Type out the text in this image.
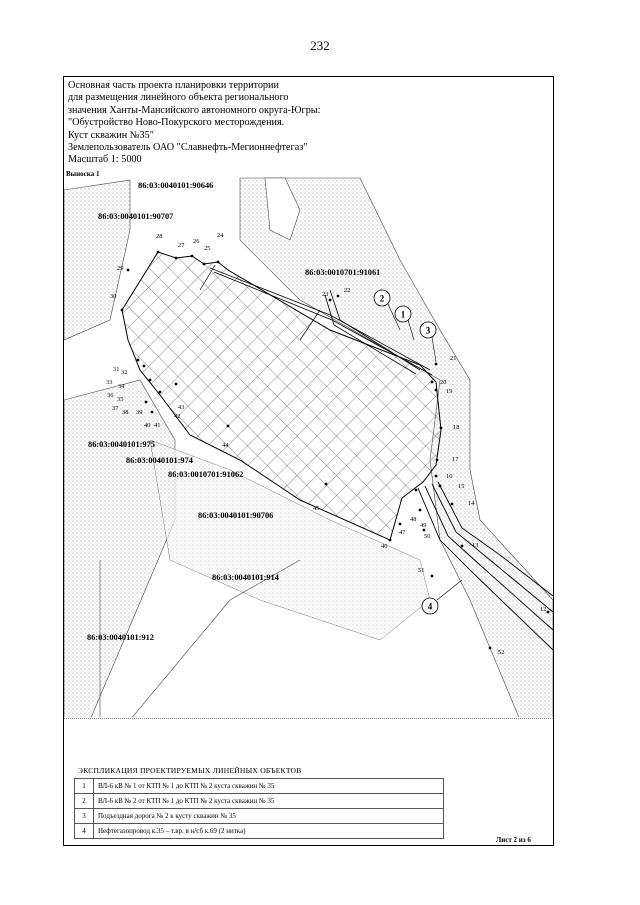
232
Основная часть проекта планировки территории
для размещения линейного объекта регионального
значения Ханты-Мансийского автономного округа-Югры:
"Обустройство Ново-Покурского месторождения.
Куст скважин №35"
Землепользователь ОАО "Славнефть-Мегионнефтегаз"
Масштаб 1: 5000
Выноска 1
86:03:0040101:90646
86:03:0040101:90707
86:03:0010701:91061
86:03:0040101:975
86:03:0040101:974
86:03:0010701:91062
86:03:0040101:90706
86:03:0040101:914
86:03:0040101:912
12
13
14
15
16
17
18
19
20
21
22
23
24
25
26
27
28
29
30
31 32
33
34
35
36
37
38 39
40 41
42
43
44
45
46
47
48
49
50
51
52
2
1
3
4
ЭКСПЛИКАЦИЯ ПРОЕКТИРУЕМЫХ ЛИНЕЙНЫХ ОБЪЕКТОВ
1	ВЛ-6 кВ № 1 от КТП № 1 до КТП № 2 куста скважин № 35
2	ВЛ-6 кВ № 2 от КТП № 1 до КТП № 2 куста скважин № 35
3	Подъездная дорога № 2 к кусту скважин № 35
4	Нефтегазопровод к.35 – т.вр. в н/сб к.69 (2 нитка)
Лист 2 из 6
